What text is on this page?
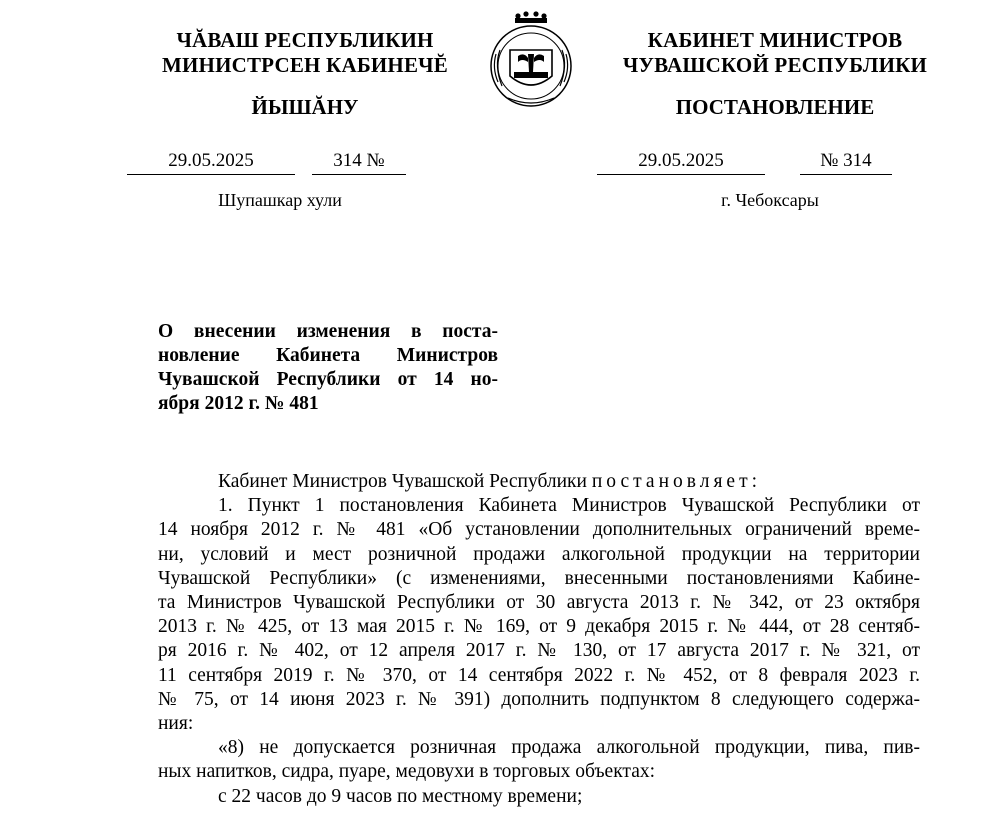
ЧĂВАШ РЕСПУБЛИКИН
МИНИСТРСЕН КАБИНЕЧĔ
ЙЫШĂНУ
КАБИНЕТ МИНИСТРОВ
ЧУВАШСКОЙ РЕСПУБЛИКИ
ПОСТАНОВЛЕНИЕ
29.05.2025	314 №	29.05.2025	№ 314
Шупашкар хули	г. Чебоксары
О внесении изменения в поста-
новление Кабинета Министров
Чувашской Республики от 14 но-
ября 2012 г. № 481

Кабинет Министров Чувашской Республики постановляет:

1. Пункт 1 постановления Кабинета Министров Чувашской Республики от
14 ноября 2012 г. № 481 «Об установлении дополнительных ограничений време-
ни, условий и мест розничной продажи алкогольной продукции на территории
Чувашской Республики» (с изменениями, внесенными постановлениями Кабине-
та Министров Чувашской Республики от 30 августа 2013 г. № 342, от 23 октября
2013 г. № 425, от 13 мая 2015 г. № 169, от 9 декабря 2015 г. № 444, от 28 сентяб-
ря 2016 г. № 402, от 12 апреля 2017 г. № 130, от 17 августа 2017 г. № 321, от
11 сентября 2019 г. № 370, от 14 сентября 2022 г. № 452, от 8 февраля 2023 г.
№ 75, от 14 июня 2023 г. № 391) дополнить подпунктом 8 следующего содержа-
ния:
«8) не допускается розничная продажа алкогольной продукции, пива, пив-
ных напитков, сидра, пуаре, медовухи в торговых объектах:
с 22 часов до 9 часов по местному времени;
